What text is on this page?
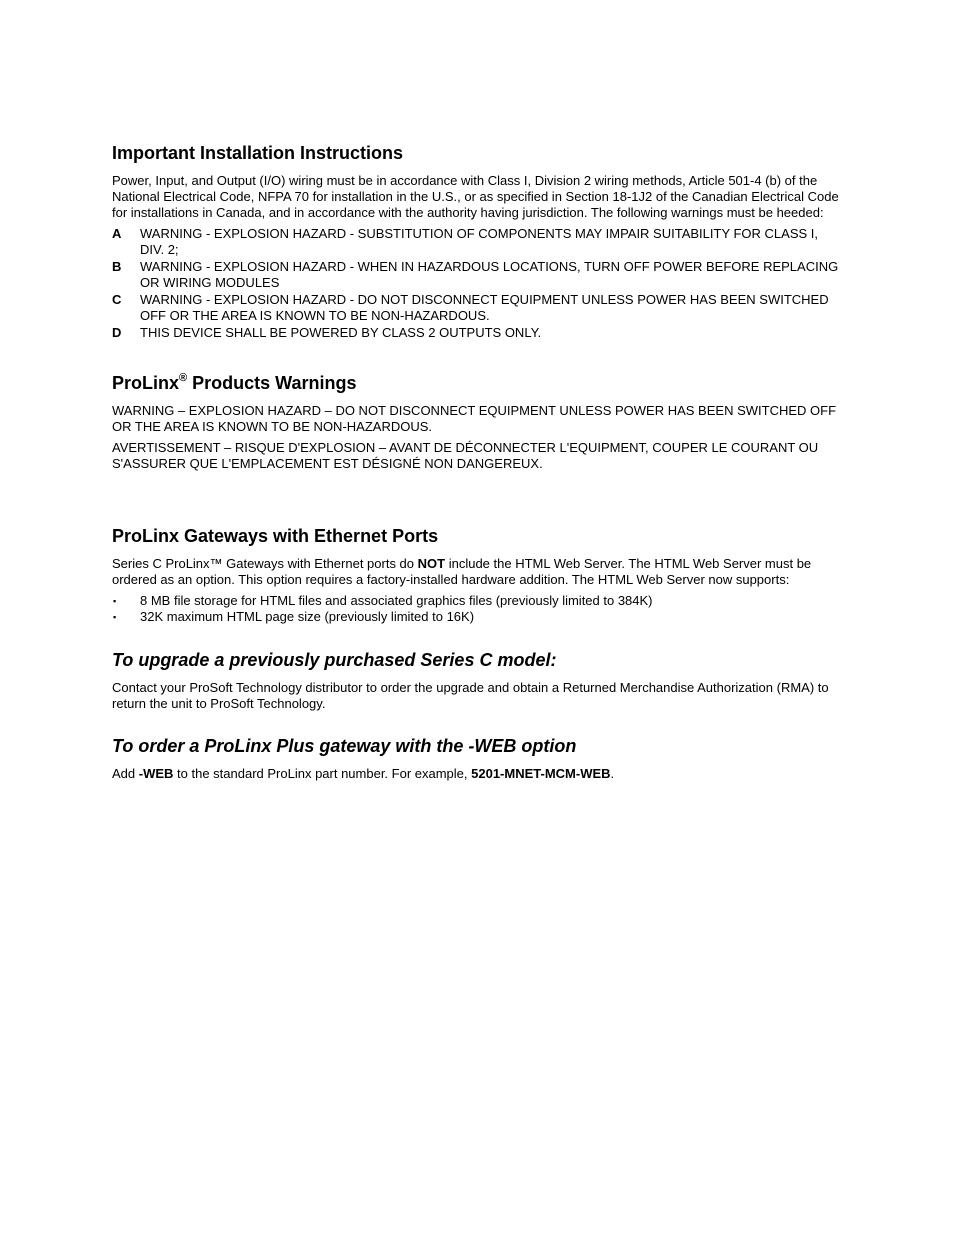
Important Installation Instructions

Power, Input, and Output (I/O) wiring must be in accordance with Class I, Division 2 wiring methods, Article 501-4 (b) of the National Electrical Code, NFPA 70 for installation in the U.S., or as specified in Section 18-1J2 of the Canadian Electrical Code for installations in Canada, and in accordance with the authority having jurisdiction. The following warnings must be heeded:

A	WARNING - EXPLOSION HAZARD - SUBSTITUTION OF COMPONENTS MAY IMPAIR SUITABILITY FOR CLASS I, DIV. 2;
B	WARNING - EXPLOSION HAZARD - WHEN IN HAZARDOUS LOCATIONS, TURN OFF POWER BEFORE REPLACING OR WIRING MODULES
C	WARNING - EXPLOSION HAZARD - DO NOT DISCONNECT EQUIPMENT UNLESS POWER HAS BEEN SWITCHED OFF OR THE AREA IS KNOWN TO BE NON-HAZARDOUS.
D	THIS DEVICE SHALL BE POWERED BY CLASS 2 OUTPUTS ONLY.
ProLinx® Products Warnings

WARNING – EXPLOSION HAZARD – DO NOT DISCONNECT EQUIPMENT UNLESS POWER HAS BEEN SWITCHED OFF OR THE AREA IS KNOWN TO BE NON-HAZARDOUS.

AVERTISSEMENT – RISQUE D'EXPLOSION – AVANT DE DÉCONNECTER L'EQUIPMENT, COUPER LE COURANT OU S'ASSURER QUE L'EMPLACEMENT EST DÉSIGNÉ NON DANGEREUX.

ProLinx Gateways with Ethernet Ports

Series C ProLinx™ Gateways with Ethernet ports do NOT include the HTML Web Server. The HTML Web Server must be ordered as an option. This option requires a factory-installed hardware addition. The HTML Web Server now supports:

▪	8 MB file storage for HTML files and associated graphics files (previously limited to 384K)
▪	32K maximum HTML page size (previously limited to 16K)
To upgrade a previously purchased Series C model:

Contact your ProSoft Technology distributor to order the upgrade and obtain a Returned Merchandise Authorization (RMA) to return the unit to ProSoft Technology.

To order a ProLinx Plus gateway with the -WEB option

Add -WEB to the standard ProLinx part number. For example, 5201-MNET-MCM-WEB.
